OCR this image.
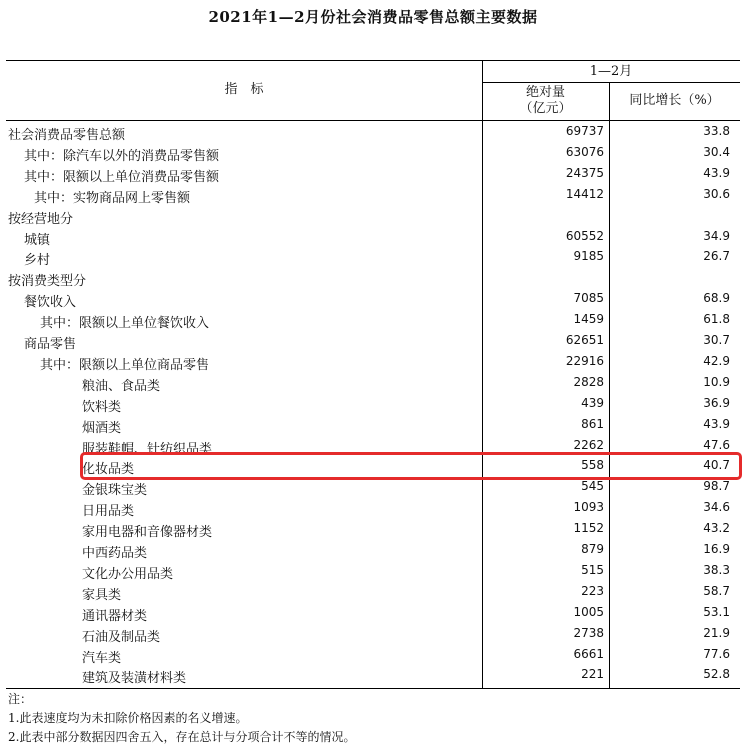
2021年1—2月份社会消费品零售总额主要数据
指　标
1—2月
绝对量
（亿元）
同比增长（%）
社会消费品零售总额	69737	33.8
其中：除汽车以外的消费品零售额	63076	30.4
其中：限额以上单位消费品零售额	24375	43.9
其中：实物商品网上零售额	14412	30.6
按经营地分
城镇	60552	34.9
乡村	9185	26.7
按消费类型分
餐饮收入	7085	68.9
其中：限额以上单位餐饮收入	1459	61.8
商品零售	62651	30.7
其中：限额以上单位商品零售	22916	42.9
粮油、食品类	2828	10.9
饮料类	439	36.9
烟酒类	861	43.9
服装鞋帽、针纺织品类	2262	47.6
化妆品类	558	40.7
金银珠宝类	545	98.7
日用品类	1093	34.6
家用电器和音像器材类	1152	43.2
中西药品类	879	16.9
文化办公用品类	515	38.3
家具类	223	58.7
通讯器材类	1005	53.1
石油及制品类	2738	21.9
汽车类	6661	77.6
建筑及装潢材料类	221	52.8
注：
1.此表速度均为未扣除价格因素的名义增速。
2.此表中部分数据因四舍五入，存在总计与分项合计不等的情况。
